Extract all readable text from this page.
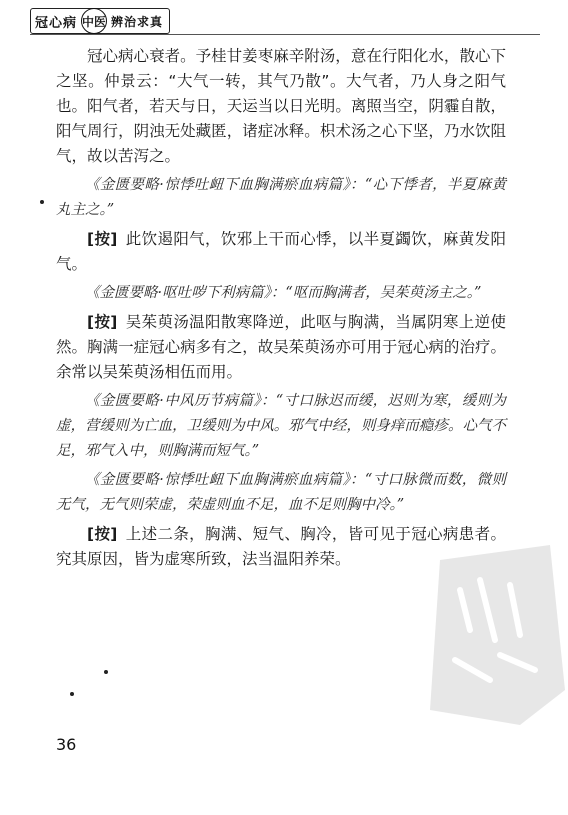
冠心病 中医 辨治求真

冠心病心衰者。予桂甘姜枣麻辛附汤，意在行阳化水，散心下之坚。仲景云：“大气一转，其气乃散”。大气者，乃人身之阳气也。阳气者，若天与日，天运当以日光明。离照当空，阴霾自散，阳气周行，阴浊无处藏匿，诸症冰释。枳术汤之心下坚，乃水饮阻气，故以苦泻之。

《金匮要略·惊悸吐衄下血胸满瘀血病篇》：“心下悸者，半夏麻黄丸主之。”

[按] 此饮遏阳气，饮邪上干而心悸，以半夏蠲饮，麻黄发阳气。

《金匮要略·呕吐哕下利病篇》：“呕而胸满者，吴茱萸汤主之。”

[按] 吴茱萸汤温阳散寒降逆，此呕与胸满，当属阴寒上逆使然。胸满一症冠心病多有之，故吴茱萸汤亦可用于冠心病的治疗。余常以吴茱萸汤相伍而用。

《金匮要略·中风历节病篇》：“寸口脉迟而缓，迟则为寒，缓则为虚，营缓则为亡血，卫缓则为中风。邪气中经，则身痒而瘾疹。心气不足，邪气入中，则胸满而短气。”

《金匮要略·惊悸吐衄下血胸满瘀血病篇》：“寸口脉微而数，微则无气，无气则荣虚，荣虚则血不足，血不足则胸中冷。”

[按] 上述二条，胸满、短气、胸冷，皆可见于冠心病患者。究其原因，皆为虚寒所致，法当温阳养荣。

36
